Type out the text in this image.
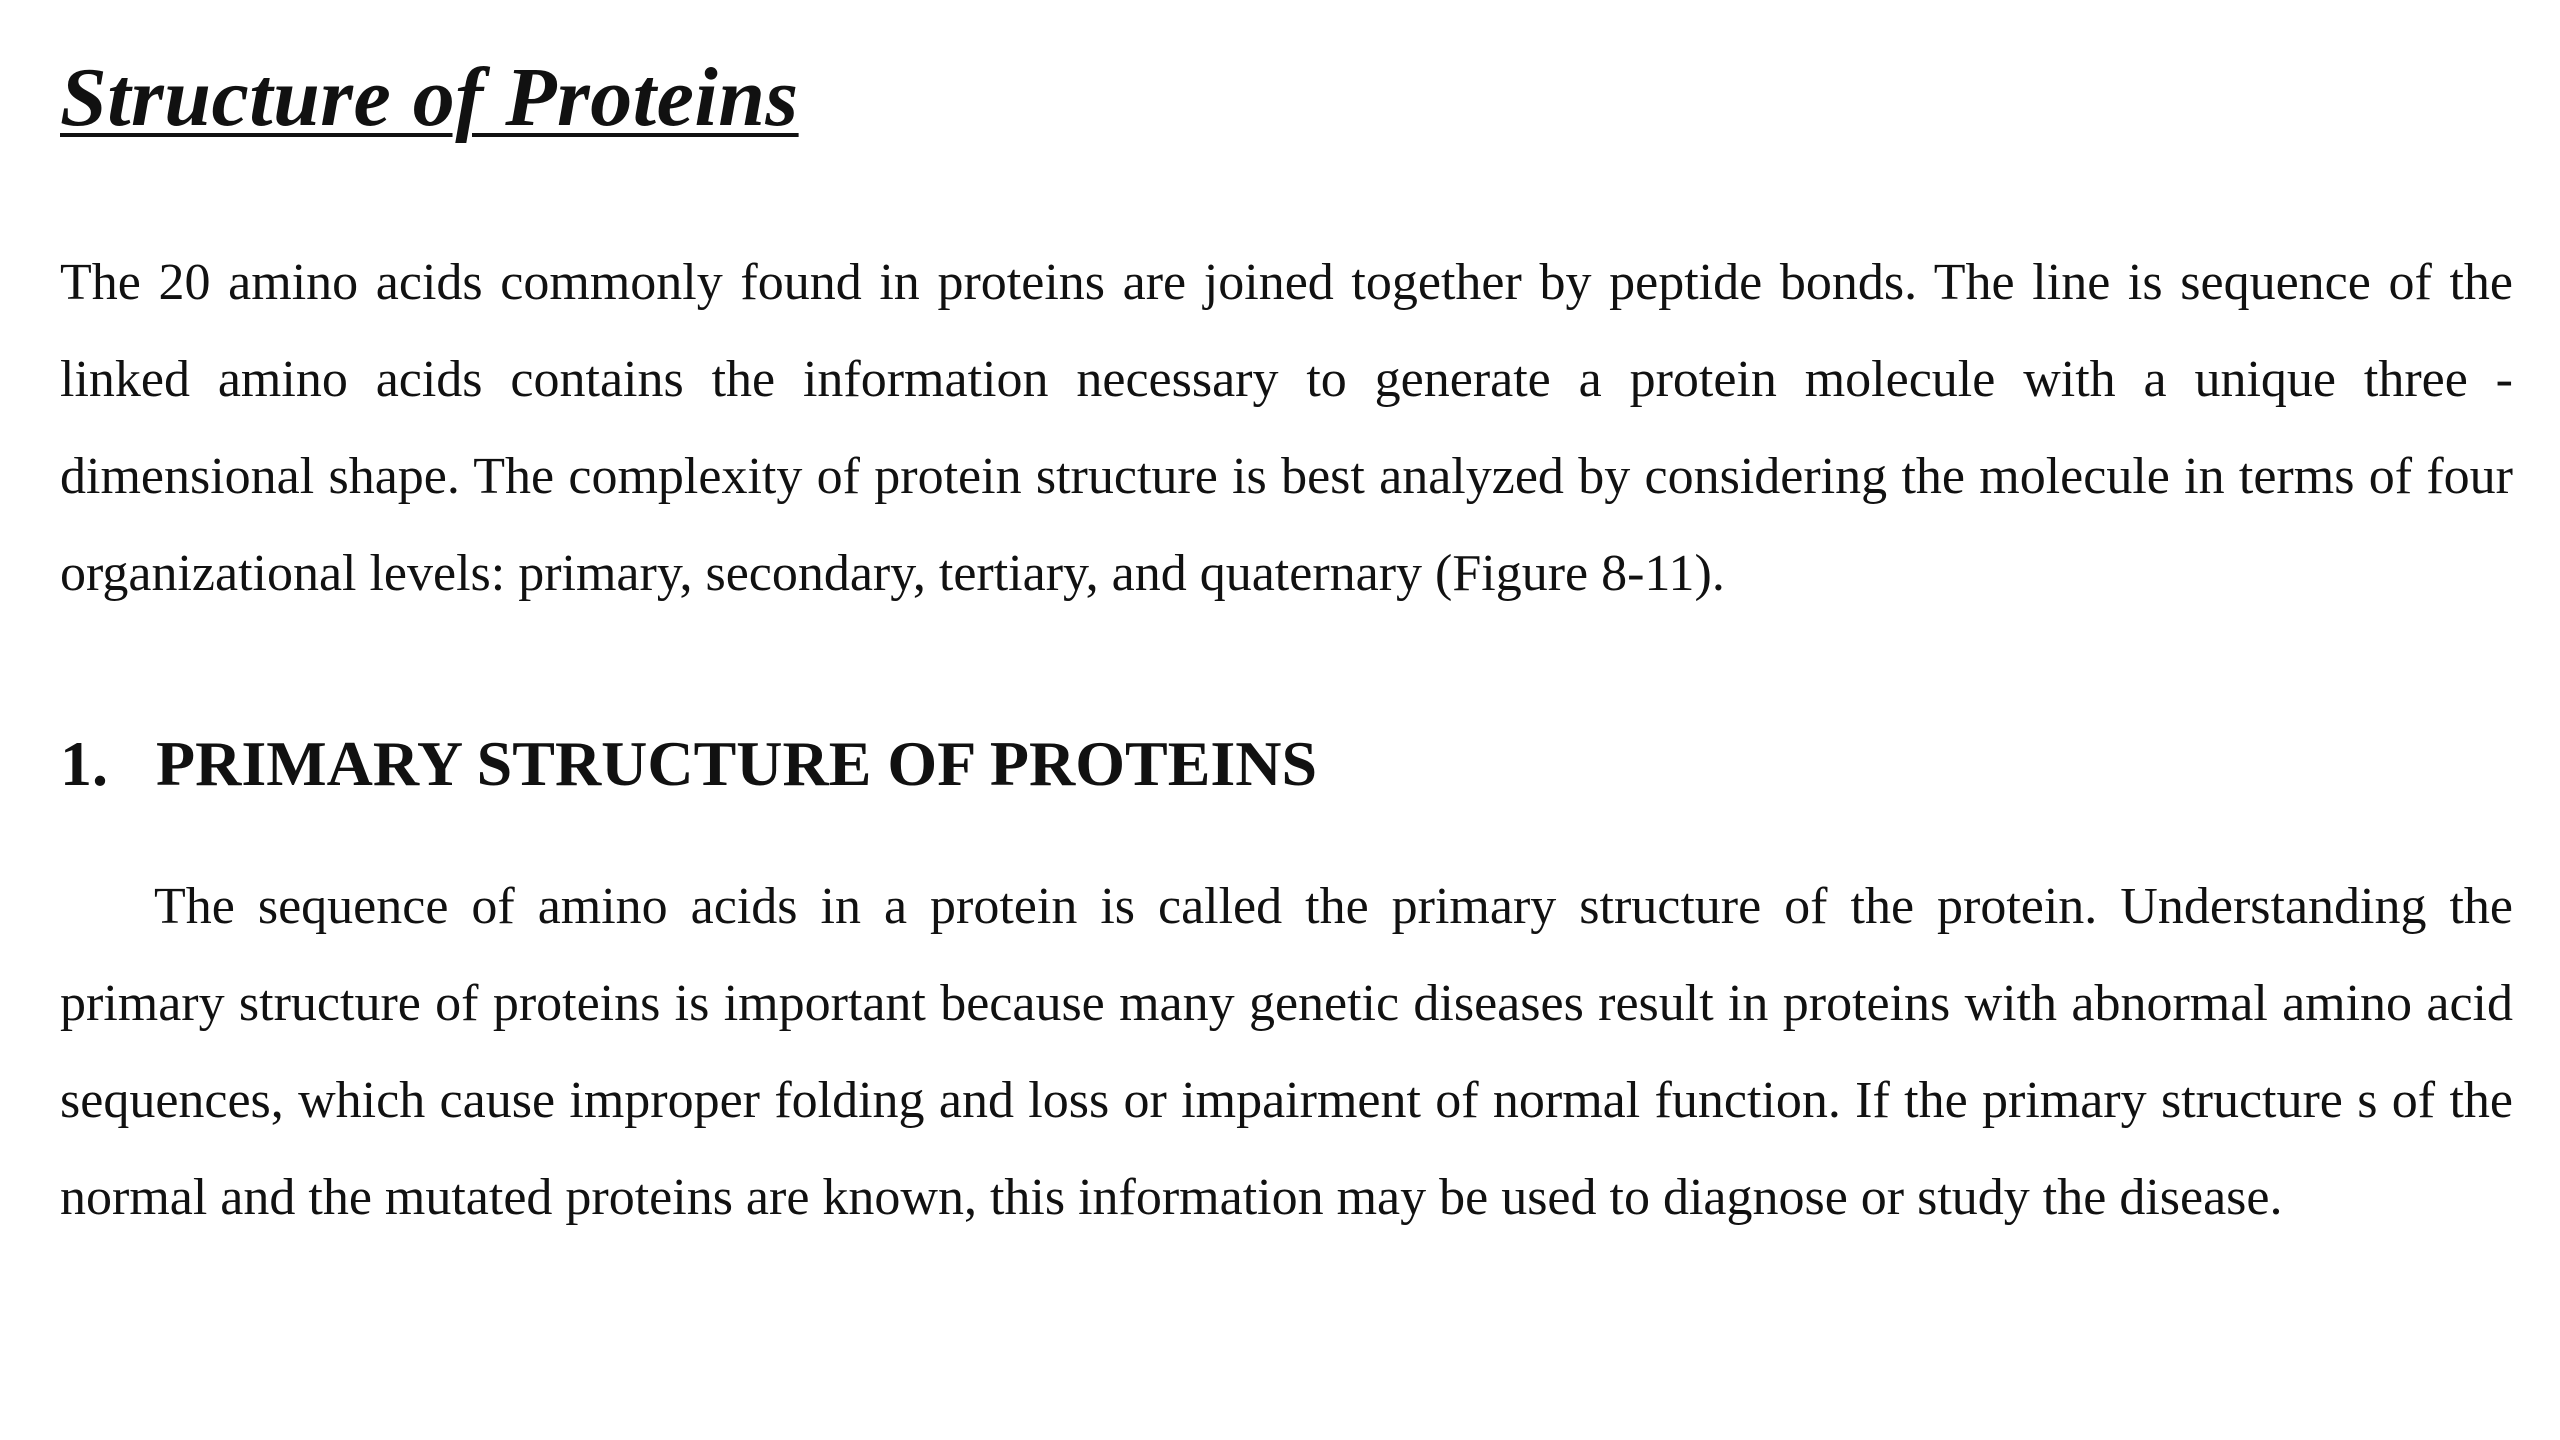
Structure of Proteins

The 20 amino acids commonly found in proteins are joined together by peptide bonds. The line is sequence of the linked amino acids contains the information necessary to generate a protein molecule with a unique three - dimensional shape. The complexity of protein structure is best analyzed by considering the molecule in terms of four organizational levels: primary, secondary, tertiary, and quaternary (Figure 8-11).

1. PRIMARY STRUCTURE OF PROTEINS

The sequence of amino acids in a protein is called the primary structure of the protein. Understanding the primary structure of proteins is important because many genetic diseases result in proteins with abnormal amino acid sequences, which cause improper folding and loss or impairment of normal function. If the primary structure s of the normal and the mutated proteins are known, this information may be used to diagnose or study the disease.
